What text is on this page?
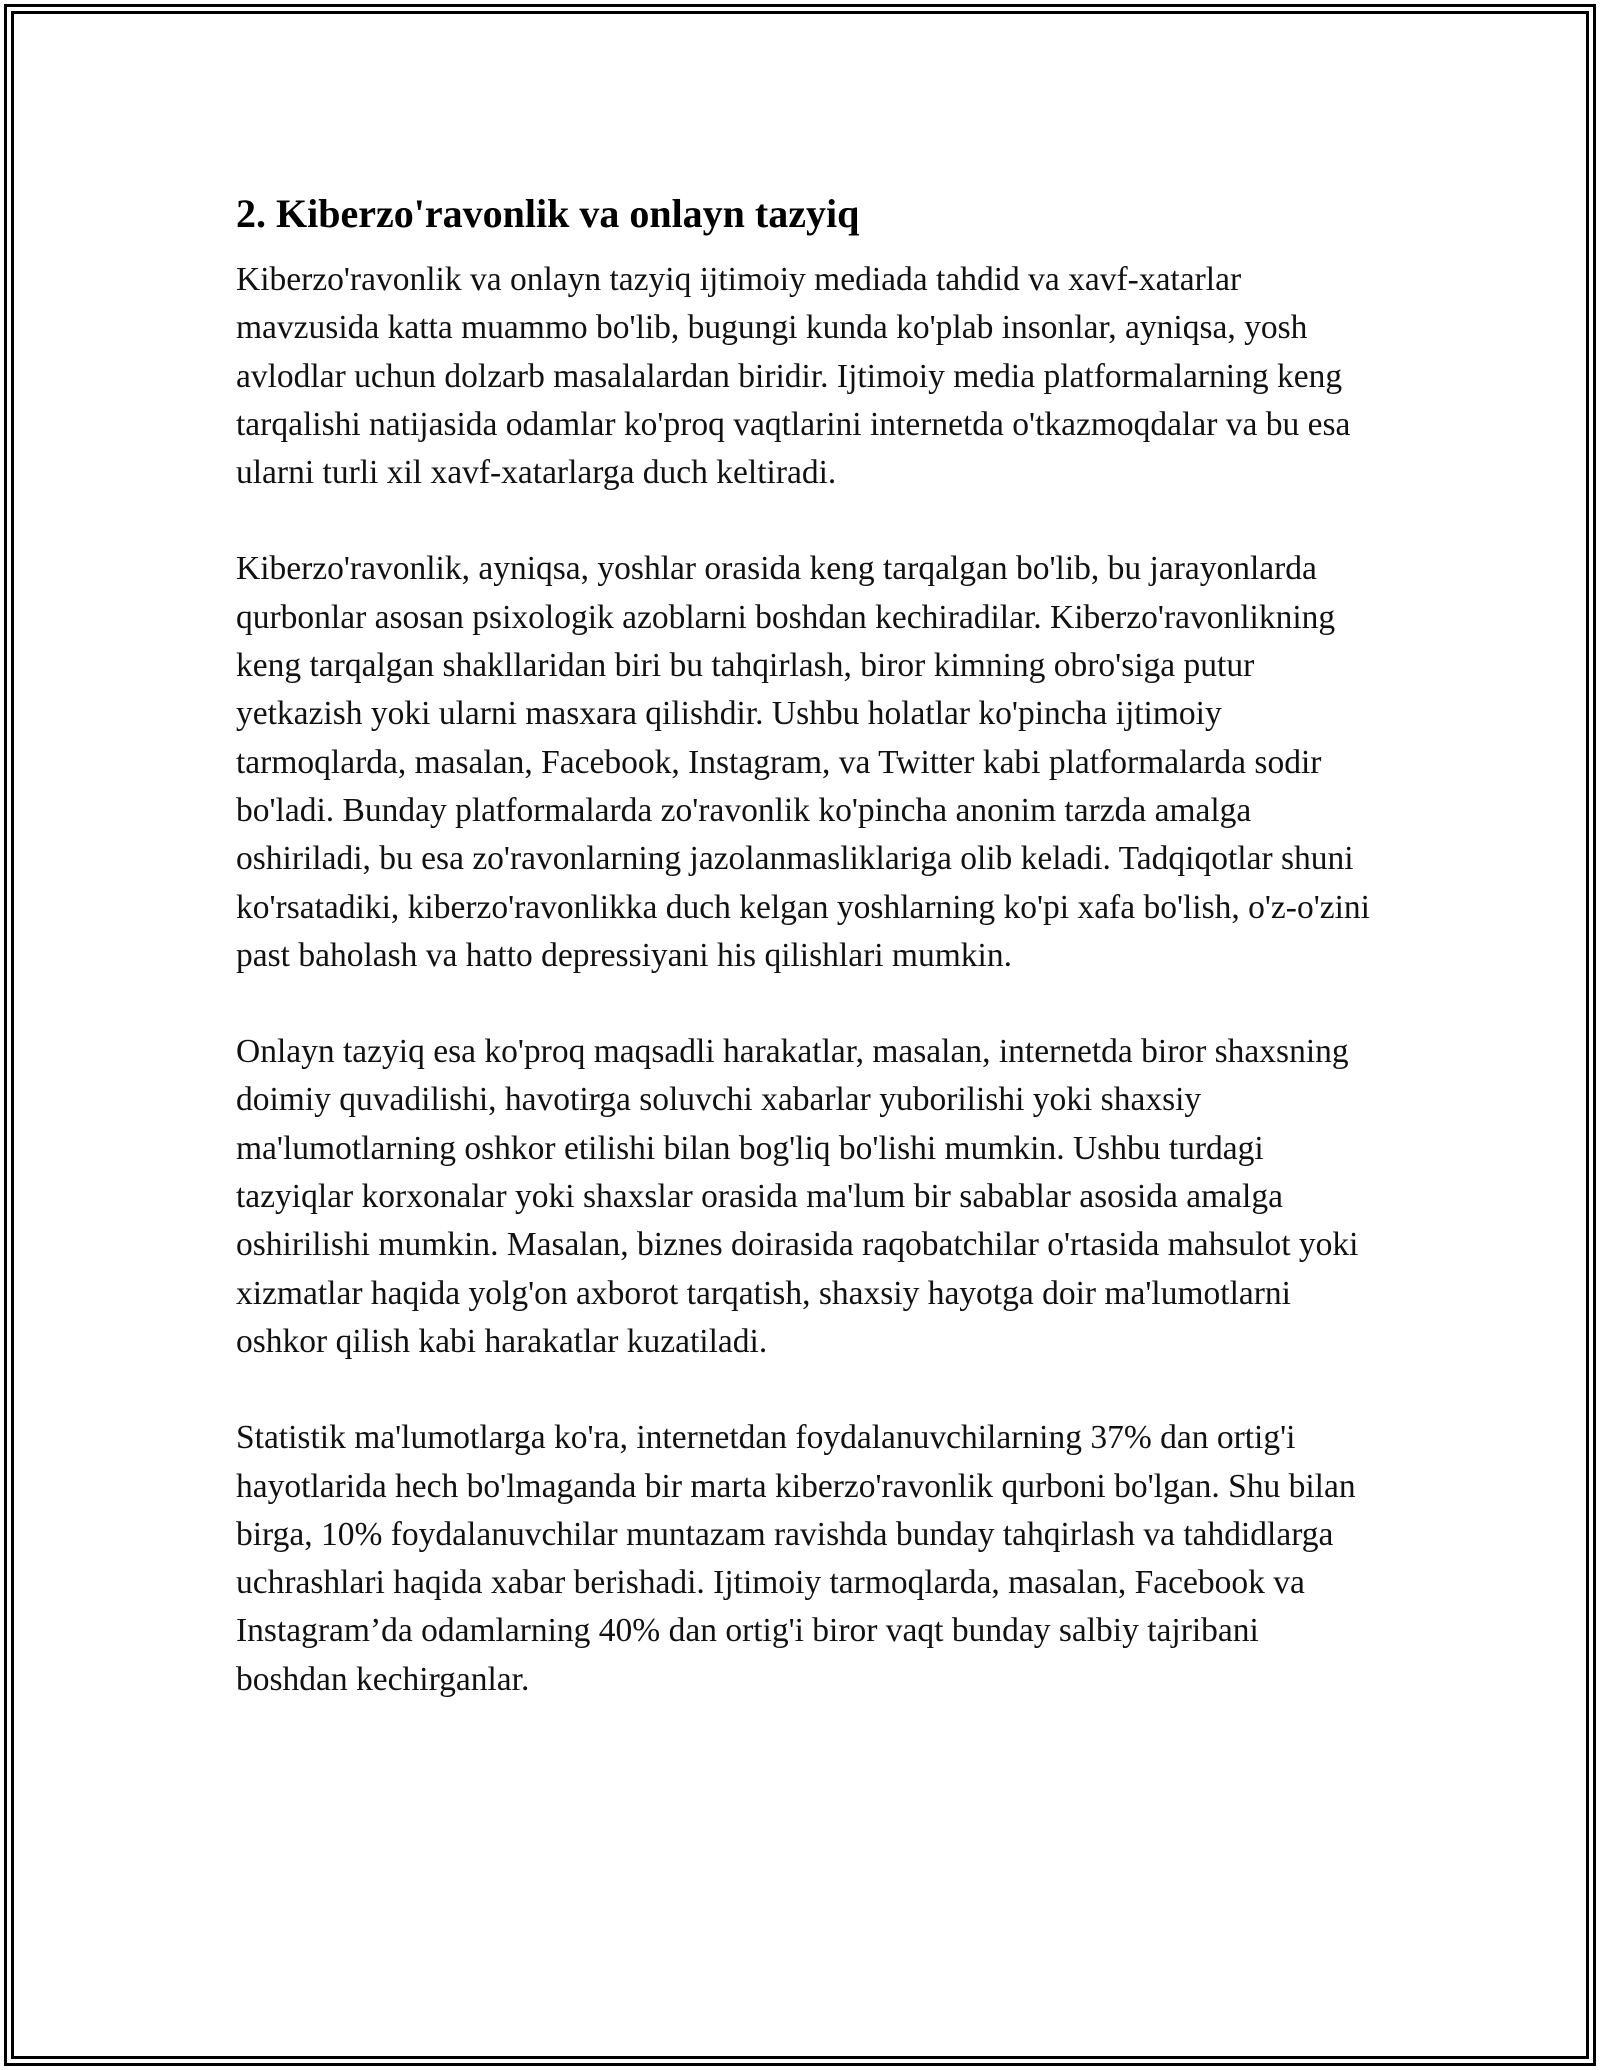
2. Kiberzo'ravonlik va onlayn tazyiq

Kiberzo'ravonlik va onlayn tazyiq ijtimoiy mediada tahdid va xavf-xatarlar mavzusida katta muammo bo'lib, bugungi kunda ko'plab insonlar, ayniqsa, yosh avlodlar uchun dolzarb masalalardan biridir. Ijtimoiy media platformalarning keng tarqalishi natijasida odamlar ko'proq vaqtlarini internetda o'tkazmoqdalar va bu esa ularni turli xil xavf-xatarlarga duch keltiradi.

Kiberzo'ravonlik, ayniqsa, yoshlar orasida keng tarqalgan bo'lib, bu jarayonlarda qurbonlar asosan psixologik azoblarni boshdan kechiradilar. Kiberzo'ravonlikning keng tarqalgan shakllaridan biri bu tahqirlash, biror kimning obro'siga putur yetkazish yoki ularni masxara qilishdir. Ushbu holatlar ko'pincha ijtimoiy tarmoqlarda, masalan, Facebook, Instagram, va Twitter kabi platformalarda sodir bo'ladi. Bunday platformalarda zo'ravonlik ko'pincha anonim tarzda amalga oshiriladi, bu esa zo'ravonlarning jazolanmasliklariga olib keladi. Tadqiqotlar shuni ko'rsatadiki, kiberzo'ravonlikka duch kelgan yoshlarning ko'pi xafa bo'lish, o'z-o'zini past baholash va hatto depressiyani his qilishlari mumkin.

Onlayn tazyiq esa ko'proq maqsadli harakatlar, masalan, internetda biror shaxsning doimiy quvadilishi, havotirga soluvchi xabarlar yuborilishi yoki shaxsiy ma'lumotlarning oshkor etilishi bilan bog'liq bo'lishi mumkin. Ushbu turdagi tazyiqlar korxonalar yoki shaxslar orasida ma'lum bir sabablar asosida amalga oshirilishi mumkin. Masalan, biznes doirasida raqobatchilar o'rtasida mahsulot yoki xizmatlar haqida yolg'on axborot tarqatish, shaxsiy hayotga doir ma'lumotlarni oshkor qilish kabi harakatlar kuzatiladi.

Statistik ma'lumotlarga ko'ra, internetdan foydalanuvchilarning 37% dan ortig'i hayotlarida hech bo'lmaganda bir marta kiberzo'ravonlik qurboni bo'lgan. Shu bilan birga, 10% foydalanuvchilar muntazam ravishda bunday tahqirlash va tahdidlarga uchrashlari haqida xabar berishadi. Ijtimoiy tarmoqlarda, masalan, Facebook va Instagram’da odamlarning 40% dan ortig'i biror vaqt bunday salbiy tajribani boshdan kechirganlar.
